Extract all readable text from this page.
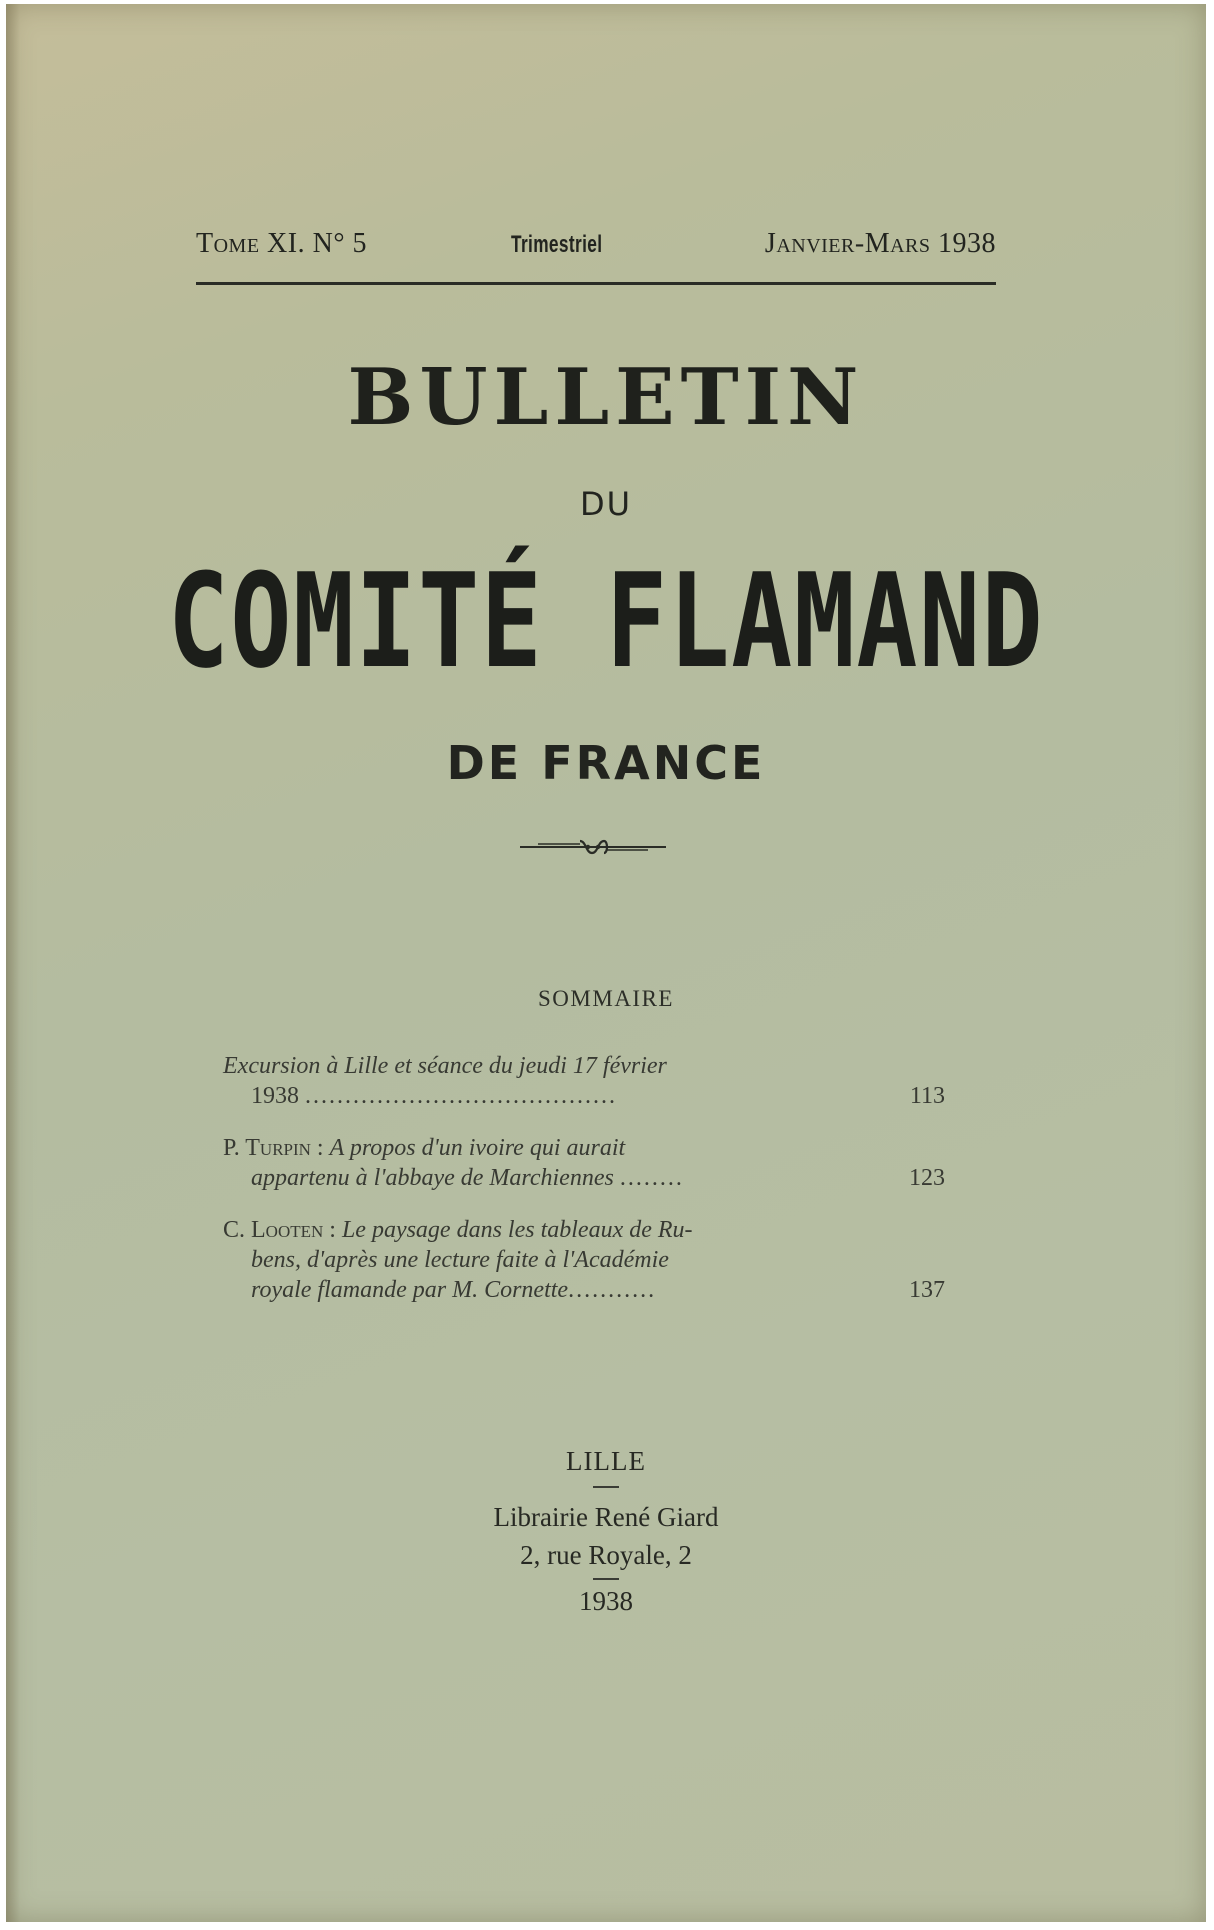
Tome XI. N° 5	Trimestriel	Janvier-Mars 1938
BULLETIN
DU
COMITÉ FLAMAND
DE FRANCE
SOMMAIRE
Excursion à Lille et séance du jeudi 17 février
1938 .......................................	113
P. Turpin : A propos d'un ivoire qui aurait
appartenu à l'abbaye de Marchiennes ........	123
C. Looten : Le paysage dans les tableaux de Ru-
bens, d'après une lecture faite à l'Académie
royale flamande par M. Cornette...........	137
LILLE
Librairie René Giard
2, rue Royale, 2
1938
